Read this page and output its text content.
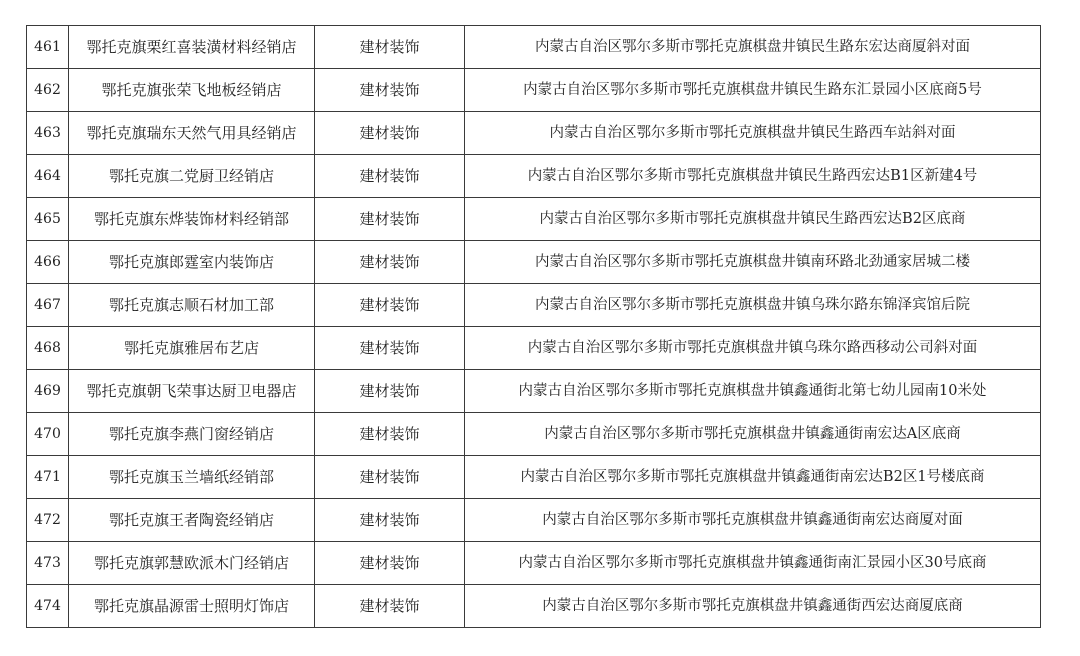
461	鄂托克旗栗红喜装潢材料经销店	建材装饰	内蒙古自治区鄂尔多斯市鄂托克旗棋盘井镇民生路东宏达商厦斜对面
462	鄂托克旗张荣飞地板经销店	建材装饰	内蒙古自治区鄂尔多斯市鄂托克旗棋盘井镇民生路东汇景园小区底商5号
463	鄂托克旗瑞东天然气用具经销店	建材装饰	内蒙古自治区鄂尔多斯市鄂托克旗棋盘井镇民生路西车站斜对面
464	鄂托克旗二党厨卫经销店	建材装饰	内蒙古自治区鄂尔多斯市鄂托克旗棋盘井镇民生路西宏达B1区新建4号
465	鄂托克旗东烨装饰材料经销部	建材装饰	内蒙古自治区鄂尔多斯市鄂托克旗棋盘井镇民生路西宏达B2区底商
466	鄂托克旗郎霆室内装饰店	建材装饰	内蒙古自治区鄂尔多斯市鄂托克旗棋盘井镇南环路北劲通家居城二楼
467	鄂托克旗志顺石材加工部	建材装饰	内蒙古自治区鄂尔多斯市鄂托克旗棋盘井镇乌珠尔路东锦泽宾馆后院
468	鄂托克旗雅居布艺店	建材装饰	内蒙古自治区鄂尔多斯市鄂托克旗棋盘井镇乌珠尔路西移动公司斜对面
469	鄂托克旗朝飞荣事达厨卫电器店	建材装饰	内蒙古自治区鄂尔多斯市鄂托克旗棋盘井镇鑫通街北第七幼儿园南10米处
470	鄂托克旗李燕门窗经销店	建材装饰	内蒙古自治区鄂尔多斯市鄂托克旗棋盘井镇鑫通街南宏达A区底商
471	鄂托克旗玉兰墙纸经销部	建材装饰	内蒙古自治区鄂尔多斯市鄂托克旗棋盘井镇鑫通街南宏达B2区1号楼底商
472	鄂托克旗王者陶瓷经销店	建材装饰	内蒙古自治区鄂尔多斯市鄂托克旗棋盘井镇鑫通街南宏达商厦对面
473	鄂托克旗郭慧欧派木门经销店	建材装饰	内蒙古自治区鄂尔多斯市鄂托克旗棋盘井镇鑫通街南汇景园小区30号底商
474	鄂托克旗晶源雷士照明灯饰店	建材装饰	内蒙古自治区鄂尔多斯市鄂托克旗棋盘井镇鑫通街西宏达商厦底商
